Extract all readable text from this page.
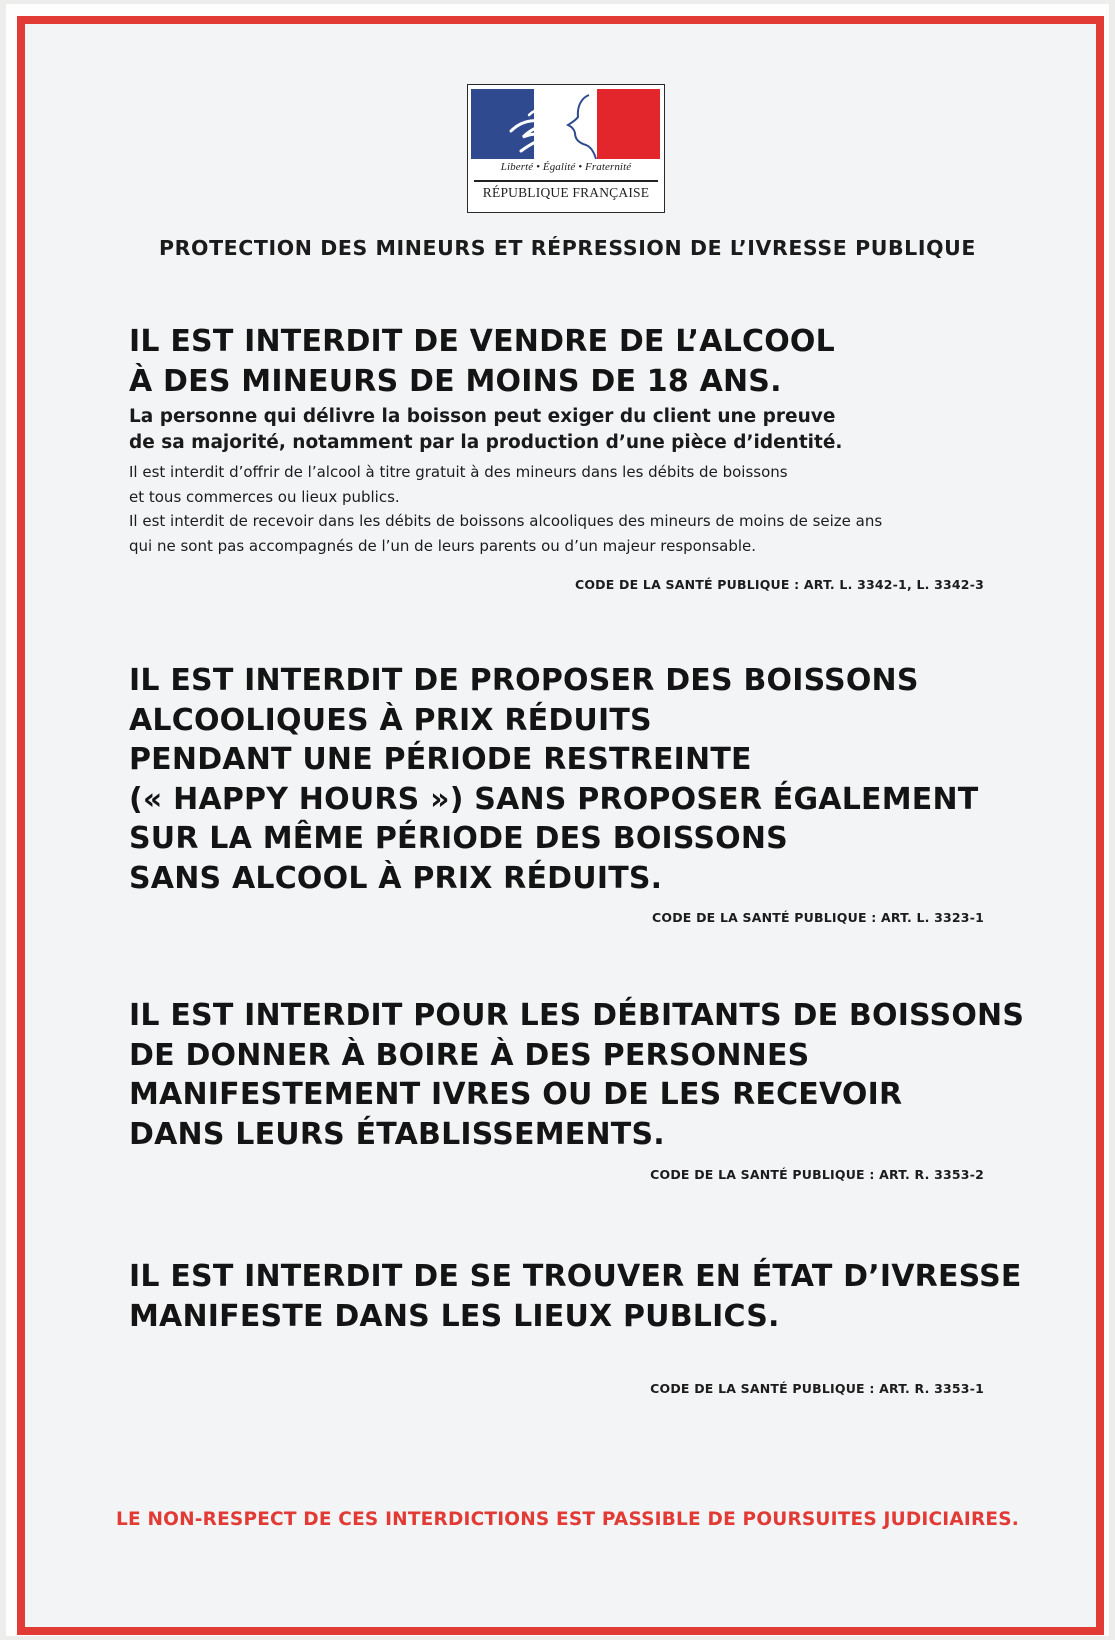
Liberté • Égalité • Fraternité
RÉPUBLIQUE FRANÇAISE
PROTECTION DES MINEURS ET RÉPRESSION DE L’IVRESSE PUBLIQUE
IL EST INTERDIT DE VENDRE DE L’ALCOOL
À DES MINEURS DE MOINS DE 18 ANS.

La personne qui délivre la boisson peut exiger du client une preuve
de sa majorité, notamment par la production d’une pièce d’identité.

Il est interdit d’offrir de l’alcool à titre gratuit à des mineurs dans les débits de boissons
et tous commerces ou lieux publics.
Il est interdit de recevoir dans les débits de boissons alcooliques des mineurs de moins de seize ans
qui ne sont pas accompagnés de l’un de leurs parents ou d’un majeur responsable.

CODE DE LA SANTÉ PUBLIQUE : ART. L. 3342-1, L. 3342-3

IL EST INTERDIT DE PROPOSER DES BOISSONS
ALCOOLIQUES À PRIX RÉDUITS
PENDANT UNE PÉRIODE RESTREINTE
(« HAPPY HOURS ») SANS PROPOSER ÉGALEMENT
SUR LA MÊME PÉRIODE DES BOISSONS
SANS ALCOOL À PRIX RÉDUITS.

CODE DE LA SANTÉ PUBLIQUE : ART. L. 3323-1

IL EST INTERDIT POUR LES DÉBITANTS DE BOISSONS
DE DONNER À BOIRE À DES PERSONNES
MANIFESTEMENT IVRES OU DE LES RECEVOIR
DANS LEURS ÉTABLISSEMENTS.

CODE DE LA SANTÉ PUBLIQUE : ART. R. 3353-2

IL EST INTERDIT DE SE TROUVER EN ÉTAT D’IVRESSE
MANIFESTE DANS LES LIEUX PUBLICS.

CODE DE LA SANTÉ PUBLIQUE : ART. R. 3353-1

LE NON-RESPECT DE CES INTERDICTIONS EST PASSIBLE DE POURSUITES JUDICIAIRES.
